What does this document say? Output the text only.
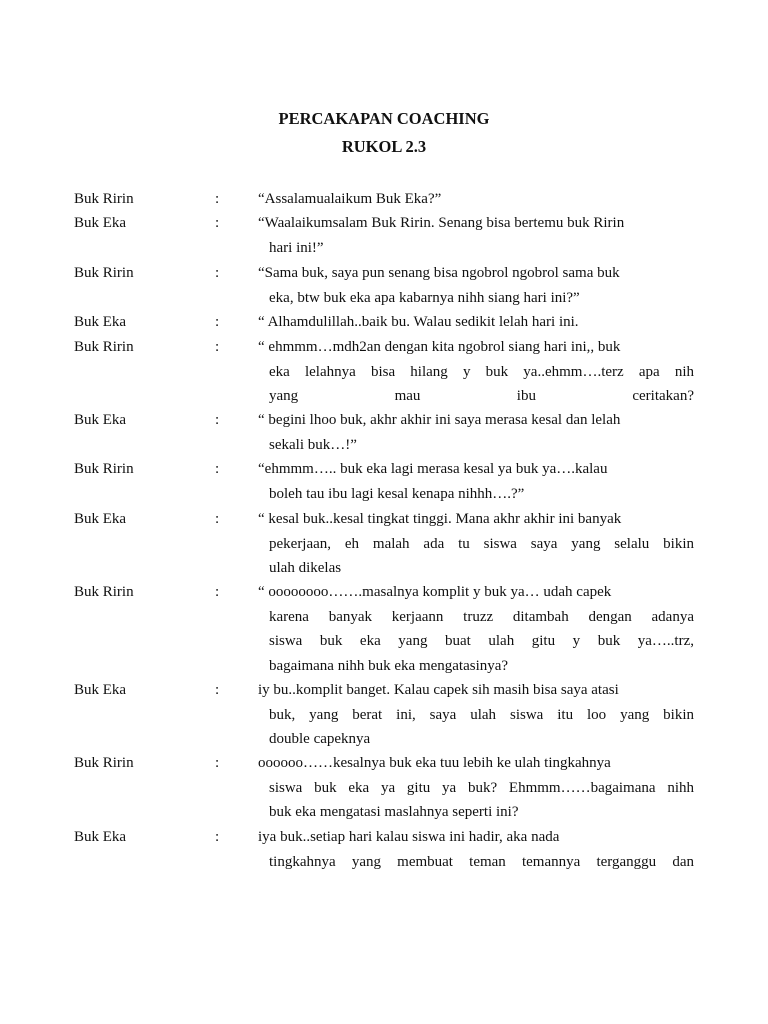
PERCAKAPAN COACHING
RUKOL 2.3
Buk Ririn	:	“Assalamualaikum Buk Eka?”

Buk Eka	:	“Waalaikumsalam Buk Ririn. Senang bisa bertemu buk Ririn
hari ini!”

Buk Ririn	:	“Sama buk, saya pun senang bisa ngobrol ngobrol sama buk
eka, btw buk eka apa kabarnya nihh siang hari ini?”

Buk Eka	:	“ Alhamdulillah..baik bu. Walau sedikit lelah hari ini.

Buk Ririn	:	“ ehmmm…mdh2an dengan kita ngobrol siang hari ini,, buk
eka lelahnya bisa hilang y buk ya..ehmm….terz apa nih
yang mau ibu ceritakan?

Buk Eka	:	“ begini lhoo buk, akhr akhir ini saya merasa kesal dan lelah
sekali buk…!”

Buk Ririn	:	“ehmmm….. buk eka lagi merasa kesal ya buk ya….kalau
boleh tau ibu lagi kesal kenapa nihhh….?”

Buk Eka	:	“ kesal buk..kesal tingkat tinggi. Mana akhr akhir ini banyak
pekerjaan, eh malah ada tu siswa saya yang selalu bikin
ulah dikelas

Buk Ririn	:	“ oooooooo…….masalnya komplit y buk ya… udah capek
karena banyak kerjaann truzz ditambah dengan adanya
siswa buk eka yang buat ulah gitu y buk ya…..trz,
bagaimana nihh buk eka mengatasinya?

Buk Eka	:	iy bu..komplit banget. Kalau capek sih masih bisa saya atasi
buk, yang berat ini, saya ulah siswa itu loo yang bikin
double capeknya

Buk Ririn	:	oooooo……kesalnya buk eka tuu lebih ke ulah tingkahnya
siswa buk eka ya gitu ya buk? Ehmmm……bagaimana nihh
buk eka mengatasi maslahnya seperti ini?

Buk Eka	:	iya buk..setiap hari kalau siswa ini hadir, aka nada
tingkahnya yang membuat teman temannya terganggu dan
